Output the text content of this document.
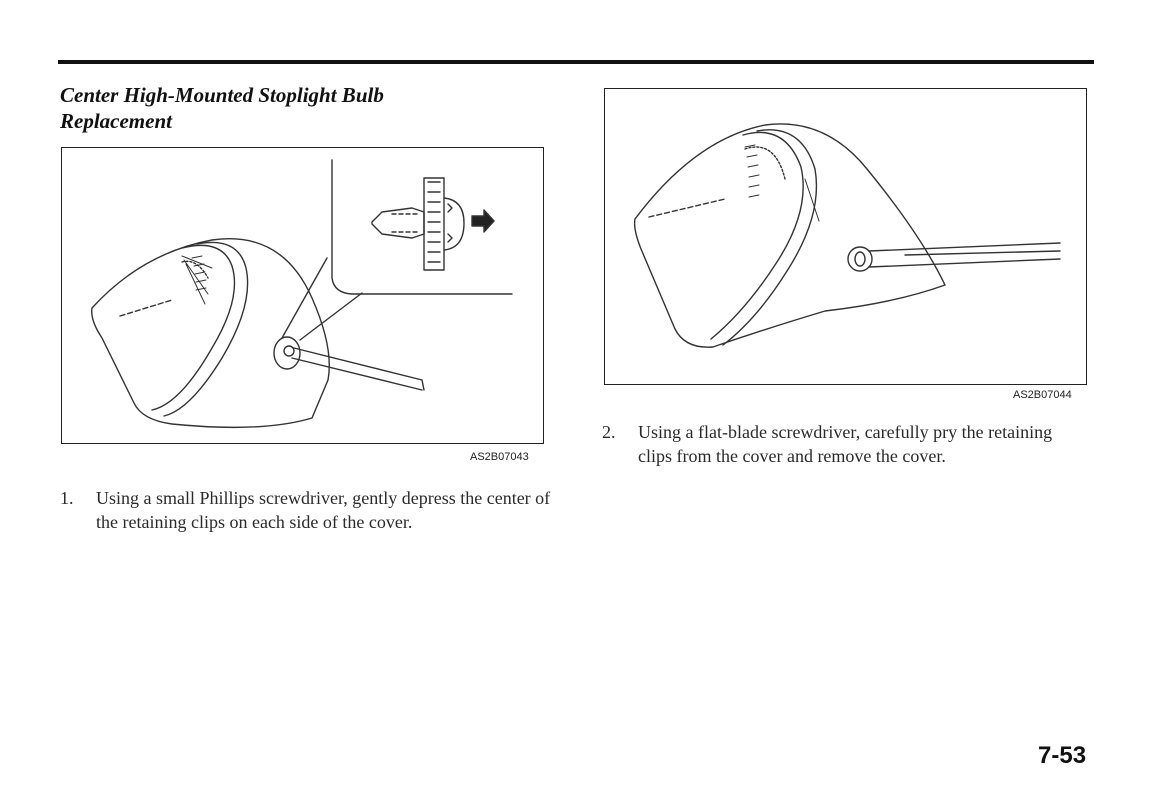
Center High-Mounted Stoplight Bulb Replacement
AS2B07043
AS2B07044
1.	Using a small Phillips screwdriver, gently depress the center of the retaining clips on each side of the cover.
2.	Using a flat-blade screwdriver, carefully pry the retaining clips from the cover and remove the cover.
7-53
